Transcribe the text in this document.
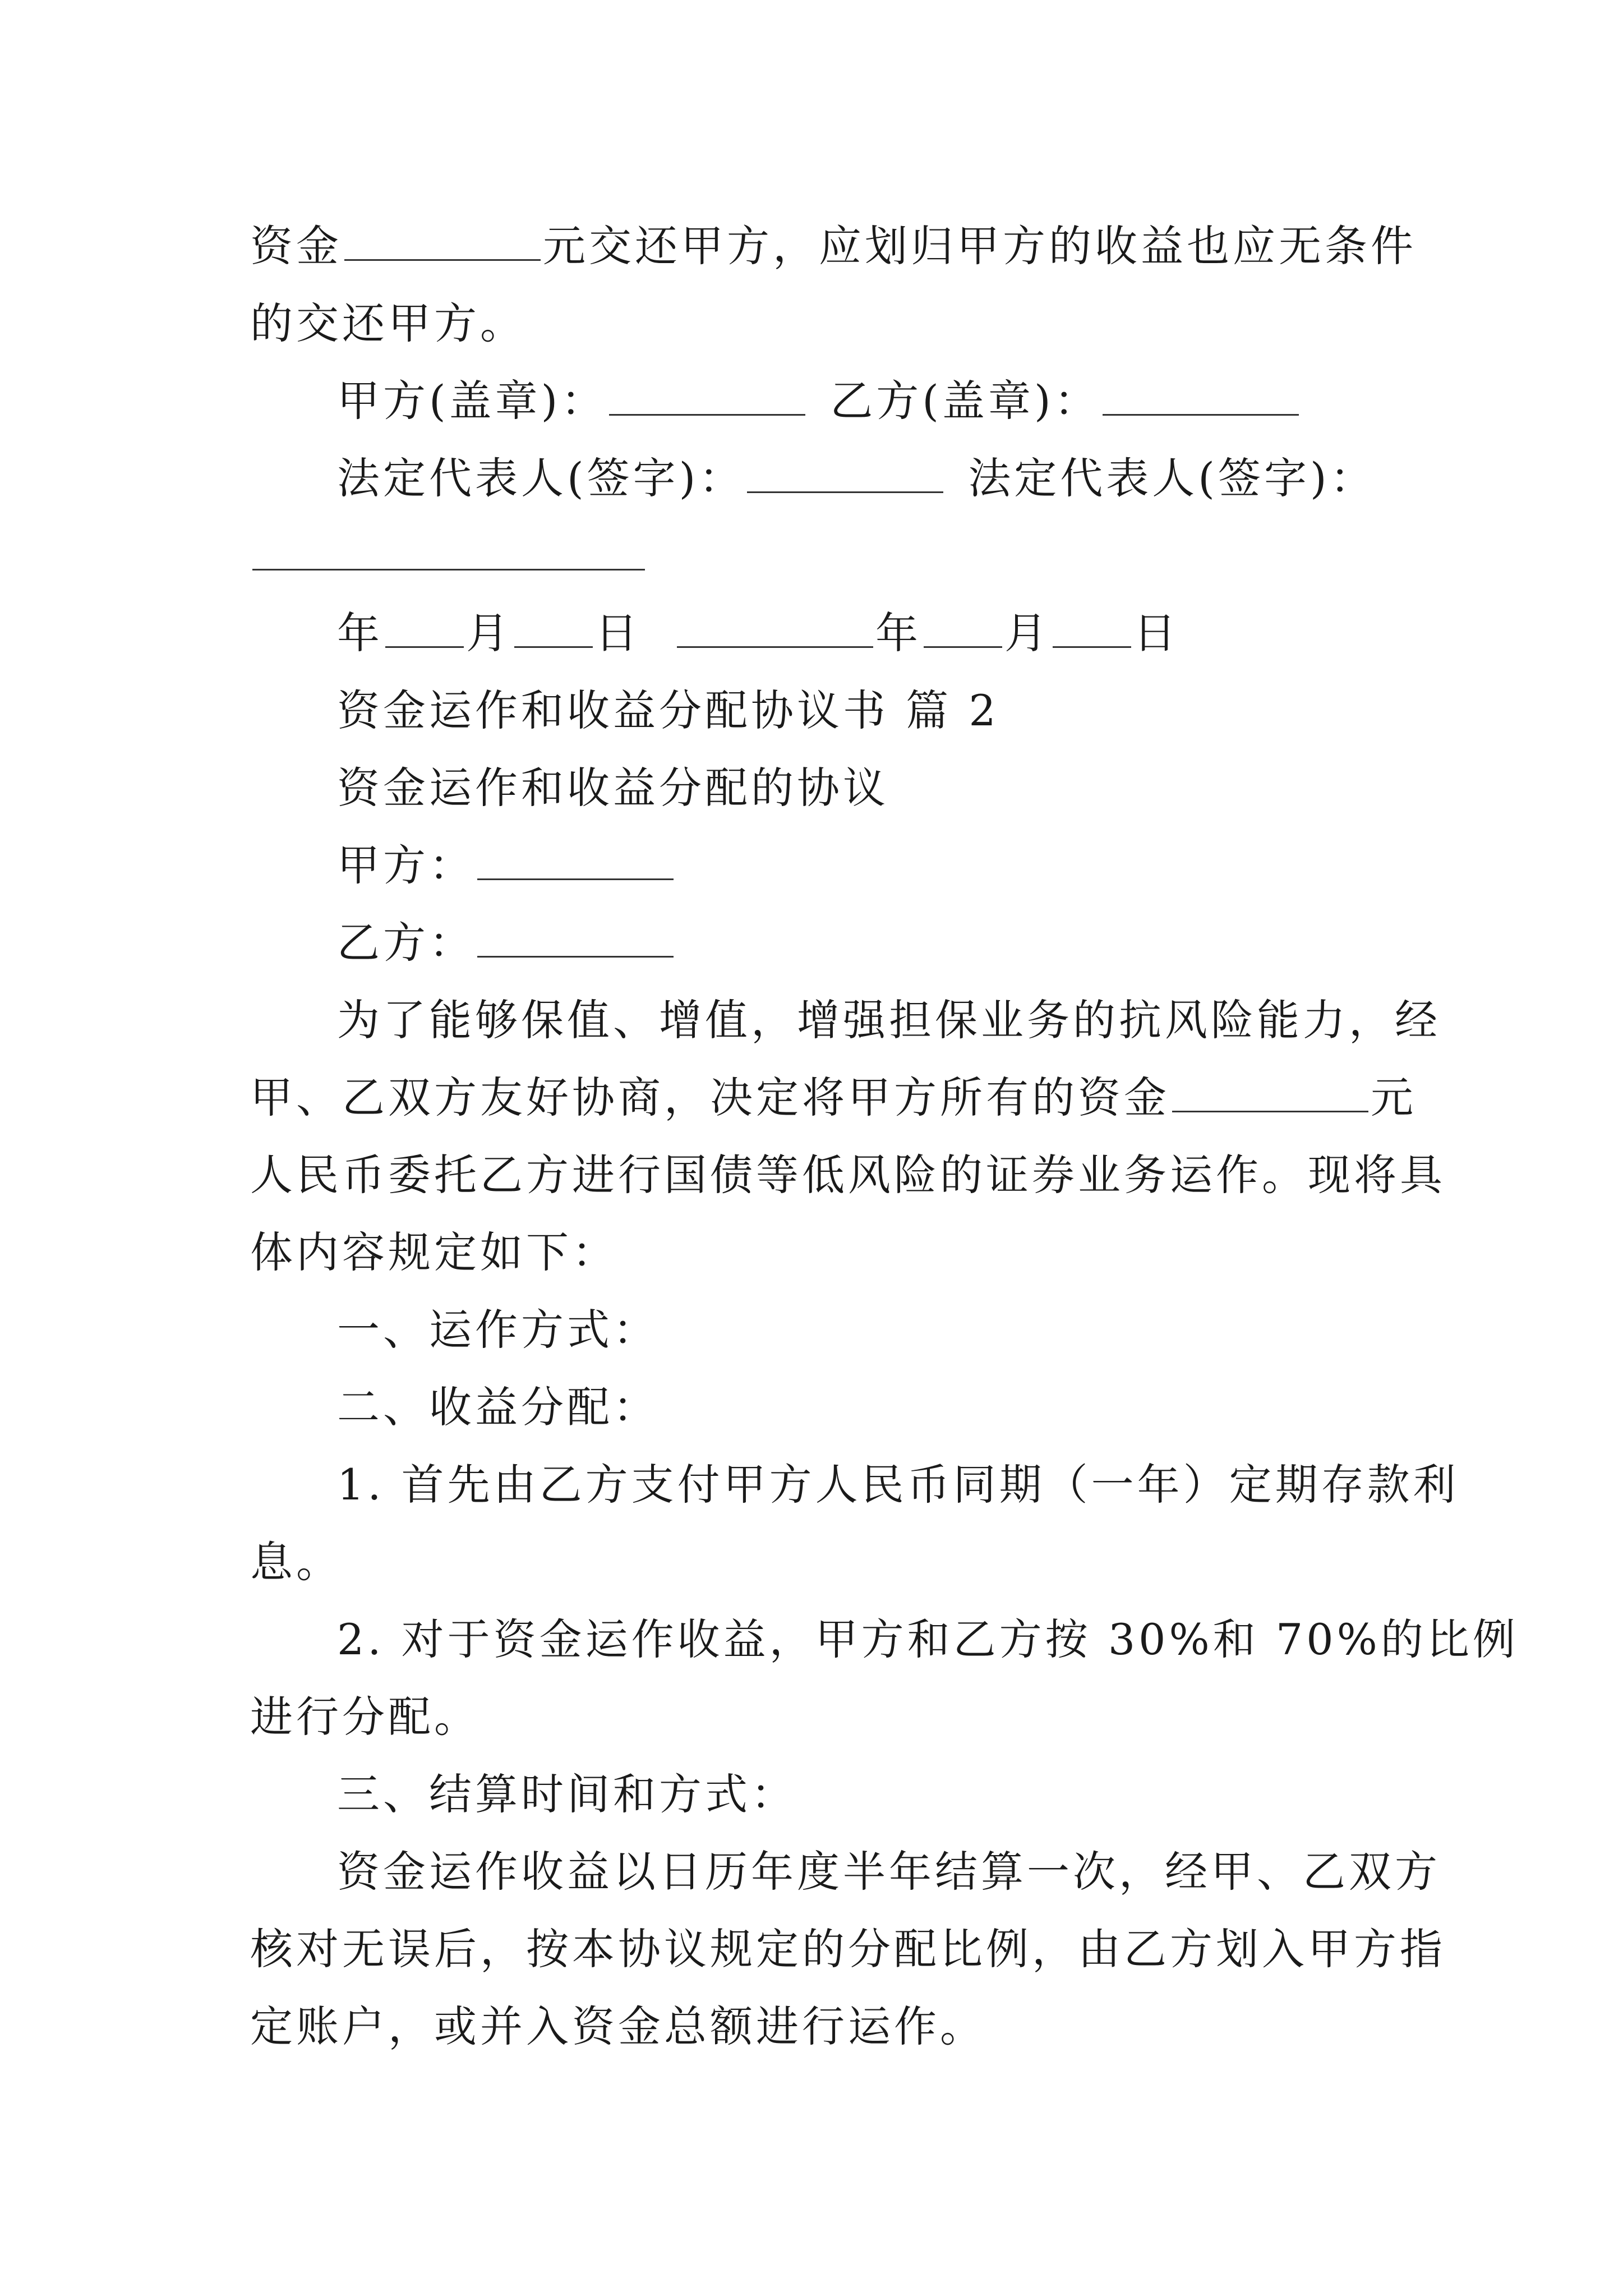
资金	元交还甲方，应划归甲方的收益也应无条件
的交还甲方。
甲方(盖章)：	乙方(盖章)：
法定代表人(签字)：	法定代表人(签字)：
年 月 日	年 月 日
资金运作和收益分配协议书 篇 2
资金运作和收益分配的协议
甲方：
乙方：
为了能够保值、增值，增强担保业务的抗风险能力，经
甲、乙双方友好协商，决定将甲方所有的资金	元
人民币委托乙方进行国债等低风险的证券业务运作。现将具
体内容规定如下：
一、运作方式：
二、收益分配：
1. 首先由乙方支付甲方人民币同期（一年）定期存款利
息。
2. 对于资金运作收益，甲方和乙方按 30%和 70%的比例
进行分配。
三、结算时间和方式：
资金运作收益以日历年度半年结算一次，经甲、乙双方
核对无误后，按本协议规定的分配比例，由乙方划入甲方指
定账户，或并入资金总额进行运作。
